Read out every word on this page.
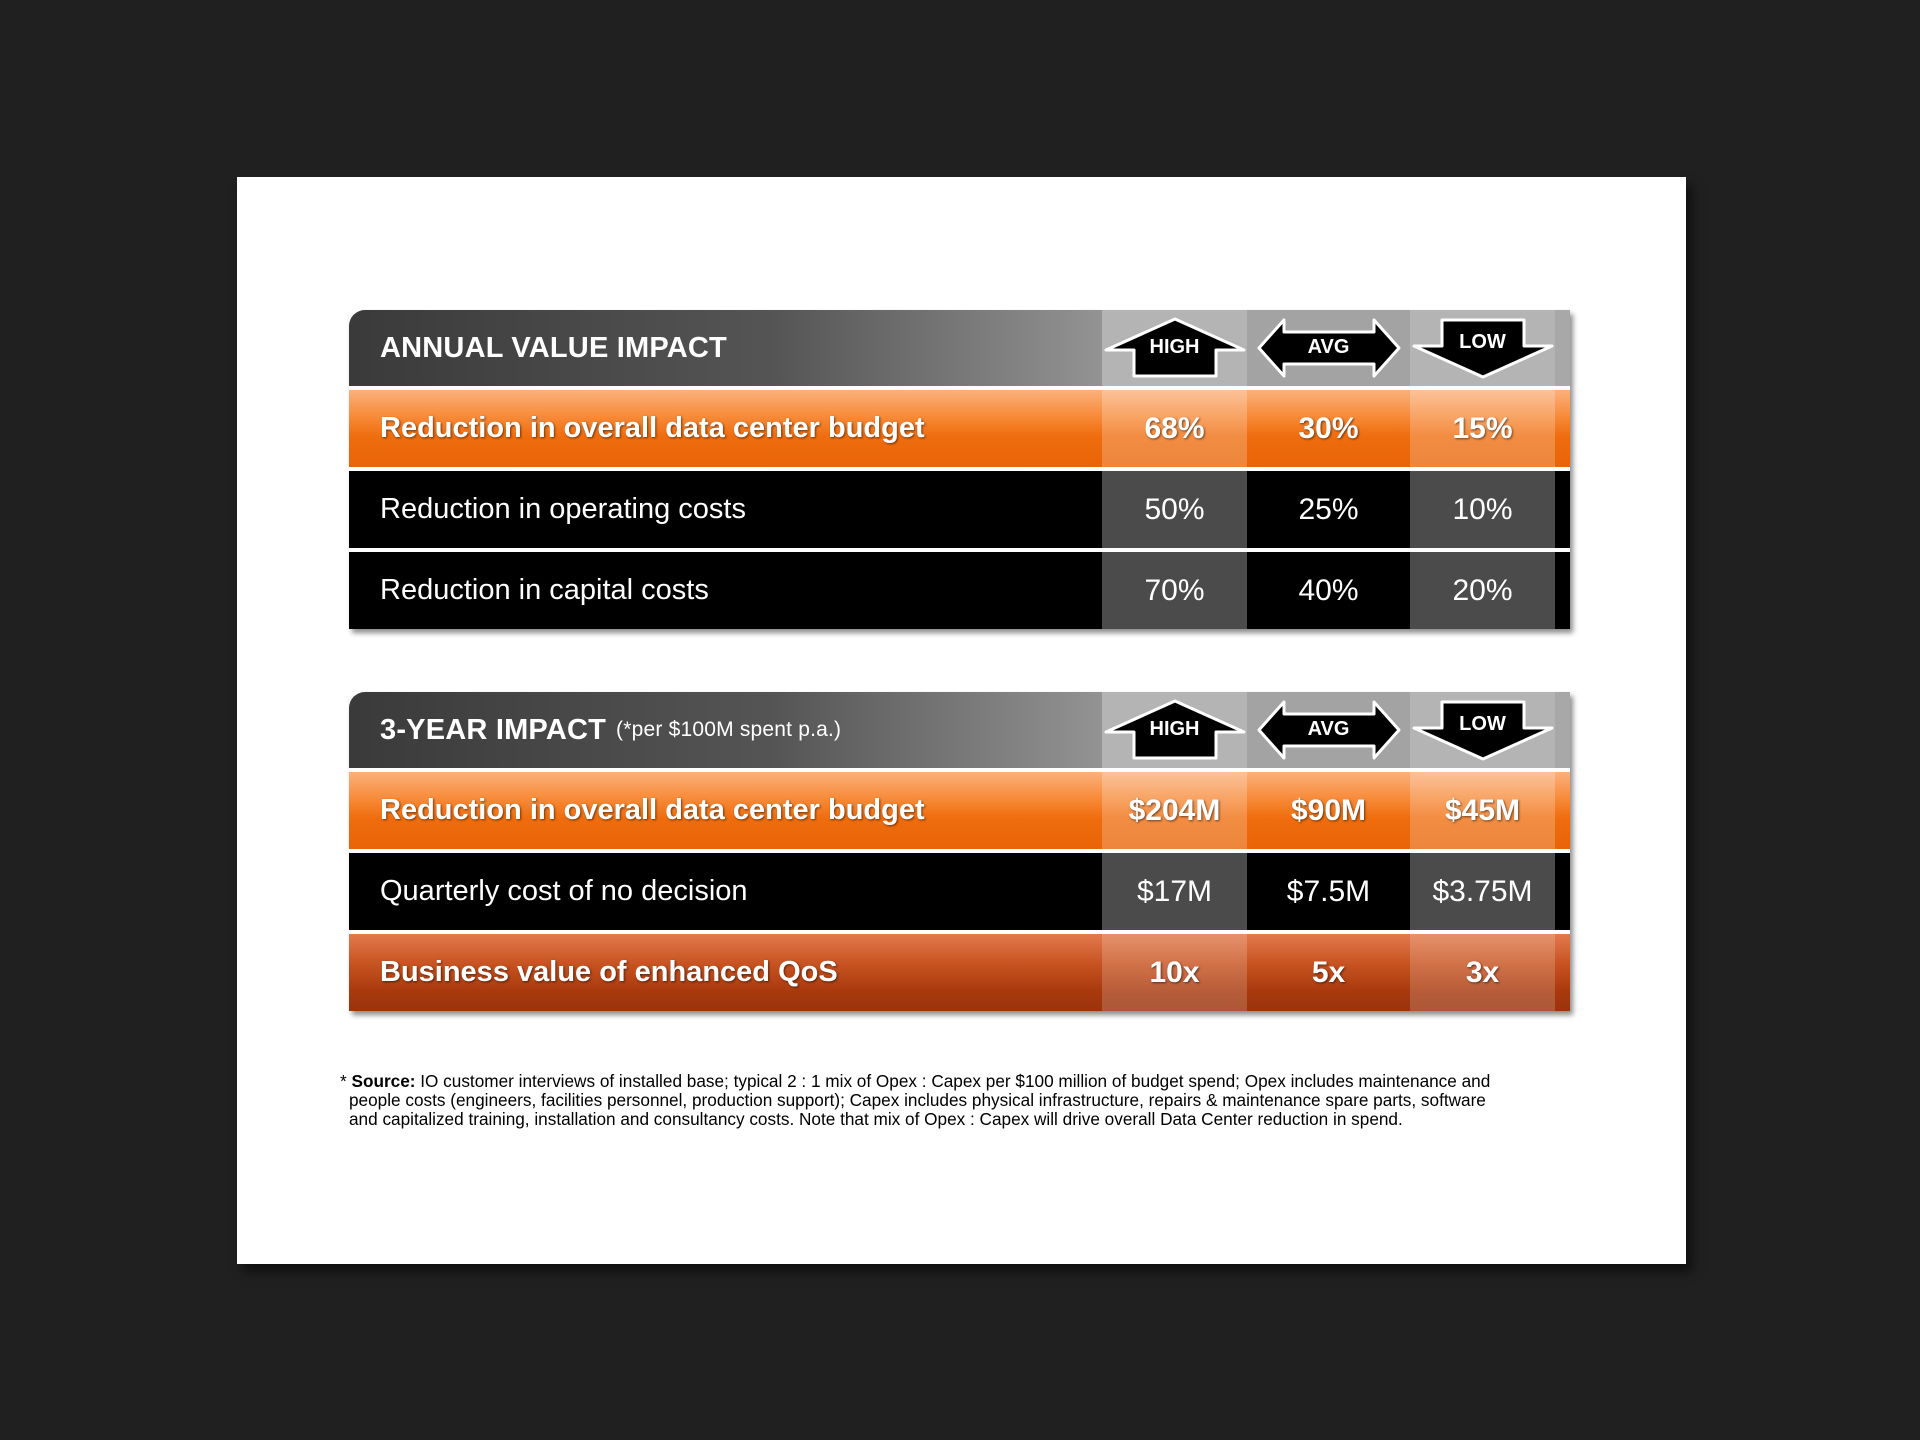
ANNUAL VALUE IMPACT	HIGH	AVG	LOW
Reduction in overall data center budget	68%	30%	15%
Reduction in operating costs	50%	25%	10%
Reduction in capital costs	70%	40%	20%
3-YEAR IMPACT (*per $100M spent p.a.)	HIGH	AVG	LOW
Reduction in overall data center budget	$204M	$90M	$45M
Quarterly cost of no decision	$17M	$7.5M	$3.75M
Business value of enhanced QoS	10x	5x	3x
* Source: IO customer interviews of installed base; typical 2 : 1 mix of Opex : Capex per $100 million of budget spend; Opex includes maintenance and
people costs (engineers, facilities personnel, production support); Capex includes physical infrastructure, repairs & maintenance spare parts, software
and capitalized training, installation and consultancy costs. Note that mix of Opex : Capex will drive overall Data Center reduction in spend.
